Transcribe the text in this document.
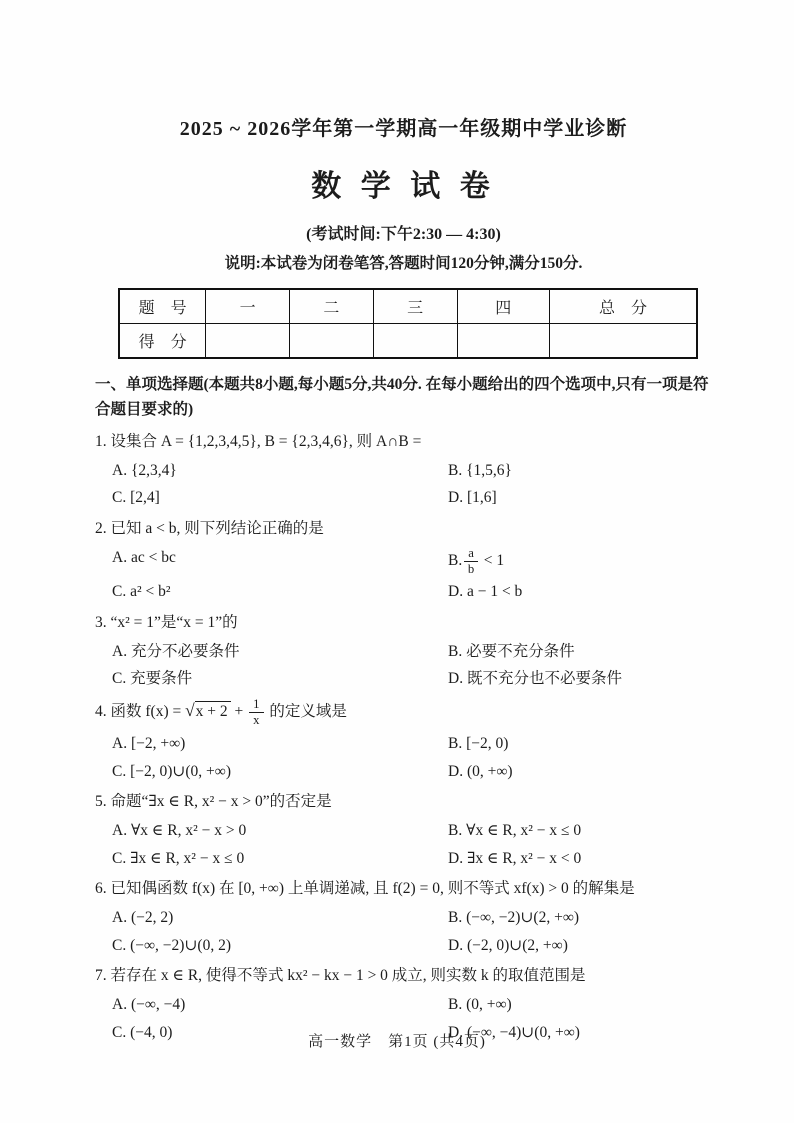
2025 ~ 2026学年第一学期高一年级期中学业诊断
数 学 试 卷
(考试时间:下午2:30 — 4:30)
说明:本试卷为闭卷笔答,答题时间120分钟,满分150分.
题　号	一	二	三	四	总　分
得　分					

一、单项选择题(本题共8小题,每小题5分,共40分. 在每小题给出的四个选项中,只有一项是符合题目要求的)

1. 设集合 A = {1,2,3,4,5}, B = {2,3,4,6}, 则 A∩B =

A. {2,3,4}	B. {1,5,6}
C. [2,4]	D. [1,6]

2. 已知 a < b, 则下列结论正确的是

A. ac < bc	B. $\frac{a}{b} < 1$
C. a² < b²	D. a − 1 < b

3. “x² = 1”是“x = 1”的

A. 充分不必要条件	B. 必要不充分条件
C. 充要条件	D. 既不充分也不必要条件

4. 函数 $f(x) = √x + 2 + \frac{1}{x}$ 的定义域是

A. [−2, +∞)	B. [−2, 0)
C. [−2, 0)∪(0, +∞)	D. (0, +∞)

5. 命题“∃x ∈ R, x² − x > 0”的否定是

A. ∀x ∈ R, x² − x > 0	B. ∀x ∈ R, x² − x ≤ 0
C. ∃x ∈ R, x² − x ≤ 0	D. ∃x ∈ R, x² − x < 0

6. 已知偶函数 f(x) 在 [0, +∞) 上单调递减, 且 f(2) = 0, 则不等式 xf(x) > 0 的解集是

A. (−2, 2)	B. (−∞, −2)∪(2, +∞)
C. (−∞, −2)∪(0, 2)	D. (−2, 0)∪(2, +∞)

7. 若存在 x ∈ R, 使得不等式 kx² − kx − 1 > 0 成立, 则实数 k 的取值范围是

A. (−∞, −4)	B. (0, +∞)
C. (−4, 0)	D. (−∞, −4)∪(0, +∞)
高一数学　第1页 (共4页)
